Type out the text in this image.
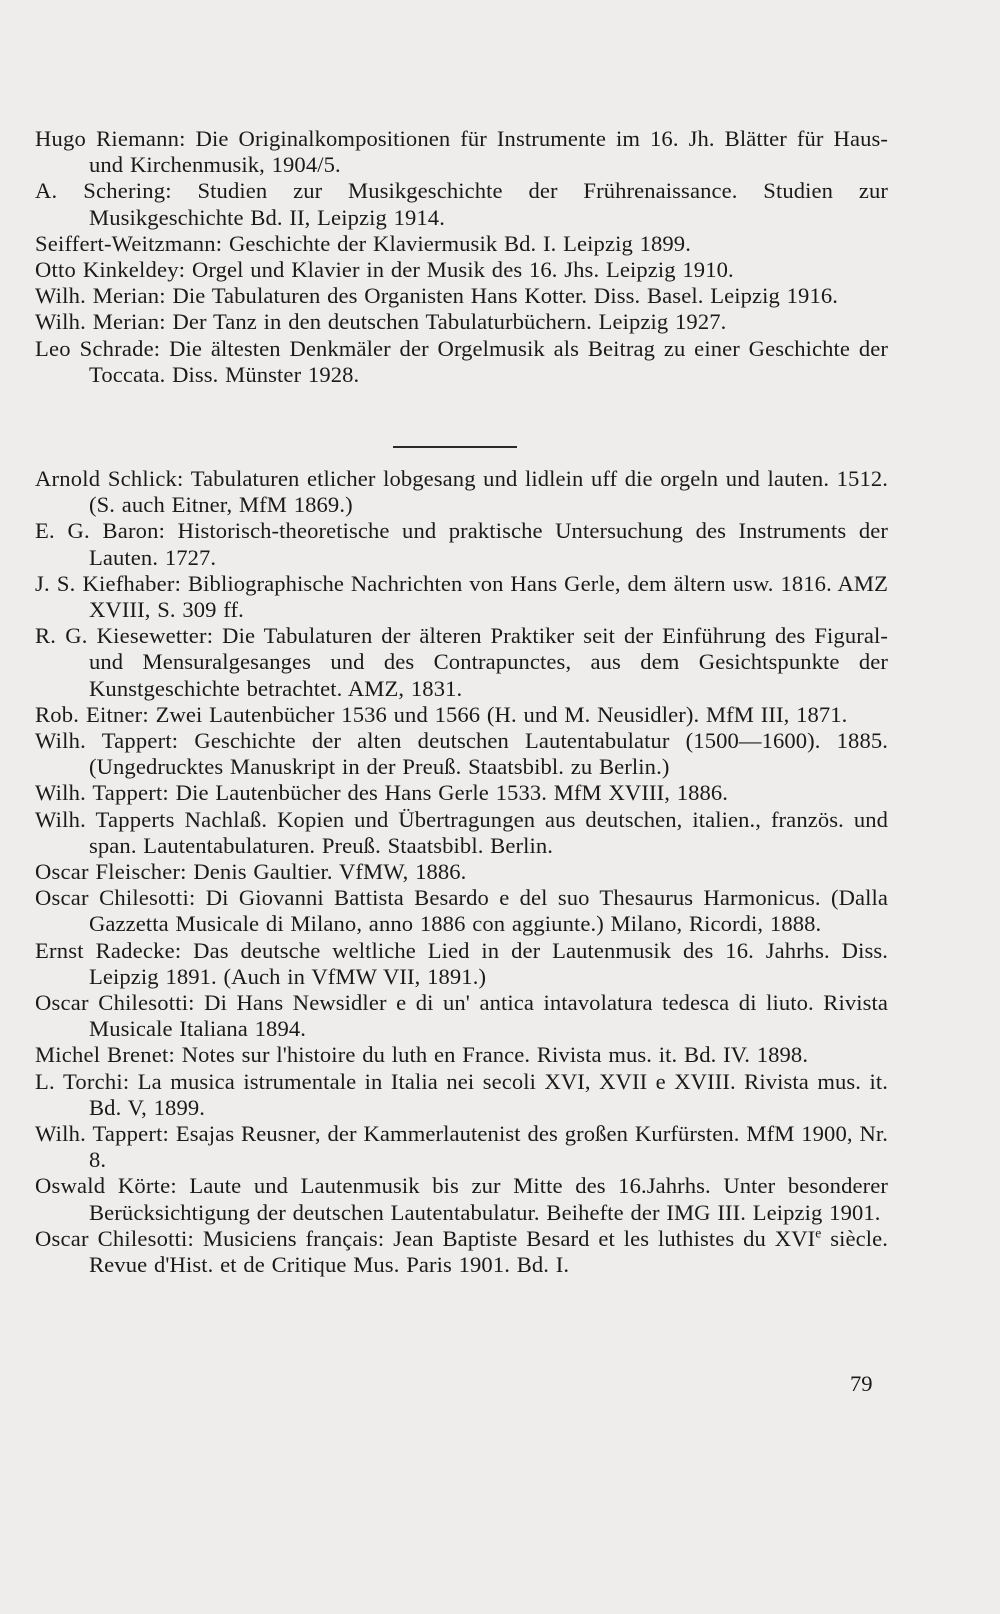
Hugo Riemann: Die Originalkompositionen für Instrumente im 16. Jh. Blätter für Haus- und Kirchenmusik, 1904/5.
A. Schering: Studien zur Musikgeschichte der Frührenaissance. Studien zur Musikgeschichte Bd. II, Leipzig 1914.
Seiffert-Weitzmann: Geschichte der Klaviermusik Bd. I. Leipzig 1899.
Otto Kinkeldey: Orgel und Klavier in der Musik des 16. Jhs. Leipzig 1910.
Wilh. Merian: Die Tabulaturen des Organisten Hans Kotter. Diss. Basel. Leipzig 1916.
Wilh. Merian: Der Tanz in den deutschen Tabulaturbüchern. Leipzig 1927.
Leo Schrade: Die ältesten Denkmäler der Orgelmusik als Beitrag zu einer Geschichte der Toccata. Diss. Münster 1928.
Arnold Schlick: Tabulaturen etlicher lobgesang und lidlein uff die orgeln und lauten. 1512. (S. auch Eitner, MfM 1869.)
E. G. Baron: Historisch-theoretische und praktische Untersuchung des Instruments der Lauten. 1727.
J. S. Kiefhaber: Bibliographische Nachrichten von Hans Gerle, dem ältern usw. 1816. AMZ XVIII, S. 309 ff.
R. G. Kiesewetter: Die Tabulaturen der älteren Praktiker seit der Einführung des Figural- und Mensuralgesanges und des Contrapunctes, aus dem Gesichtspunkte der Kunstgeschichte betrachtet. AMZ, 1831.
Rob. Eitner: Zwei Lautenbücher 1536 und 1566 (H. und M. Neusidler). MfM III, 1871.
Wilh. Tappert: Geschichte der alten deutschen Lautentabulatur (1500—1600). 1885. (Ungedrucktes Manuskript in der Preuß. Staatsbibl. zu Berlin.)
Wilh. Tappert: Die Lautenbücher des Hans Gerle 1533. MfM XVIII, 1886.
Wilh. Tapperts Nachlaß. Kopien und Übertragungen aus deutschen, italien., französ. und span. Lautentabulaturen. Preuß. Staatsbibl. Berlin.
Oscar Fleischer: Denis Gaultier. VfMW, 1886.
Oscar Chilesotti: Di Giovanni Battista Besardo e del suo Thesaurus Harmonicus. (Dalla Gazzetta Musicale di Milano, anno 1886 con aggiunte.) Milano, Ricordi, 1888.
Ernst Radecke: Das deutsche weltliche Lied in der Lautenmusik des 16. Jahrhs. Diss. Leipzig 1891. (Auch in VfMW VII, 1891.)
Oscar Chilesotti: Di Hans Newsidler e di un' antica intavolatura tedesca di liuto. Rivista Musicale Italiana 1894.
Michel Brenet: Notes sur l'histoire du luth en France. Rivista mus. it. Bd. IV. 1898.
L. Torchi: La musica istrumentale in Italia nei secoli XVI, XVII e XVIII. Rivista mus. it. Bd. V, 1899.
Wilh. Tappert: Esajas Reusner, der Kammerlautenist des großen Kurfürsten. MfM 1900, Nr. 8.
Oswald Körte: Laute und Lautenmusik bis zur Mitte des 16.Jahrhs. Unter besonderer Berücksichtigung der deutschen Lautentabulatur. Beihefte der IMG III. Leipzig 1901.
Oscar Chilesotti: Musiciens français: Jean Baptiste Besard et les luthistes du XVIe siècle. Revue d'Hist. et de Critique Mus. Paris 1901. Bd. I.
79
